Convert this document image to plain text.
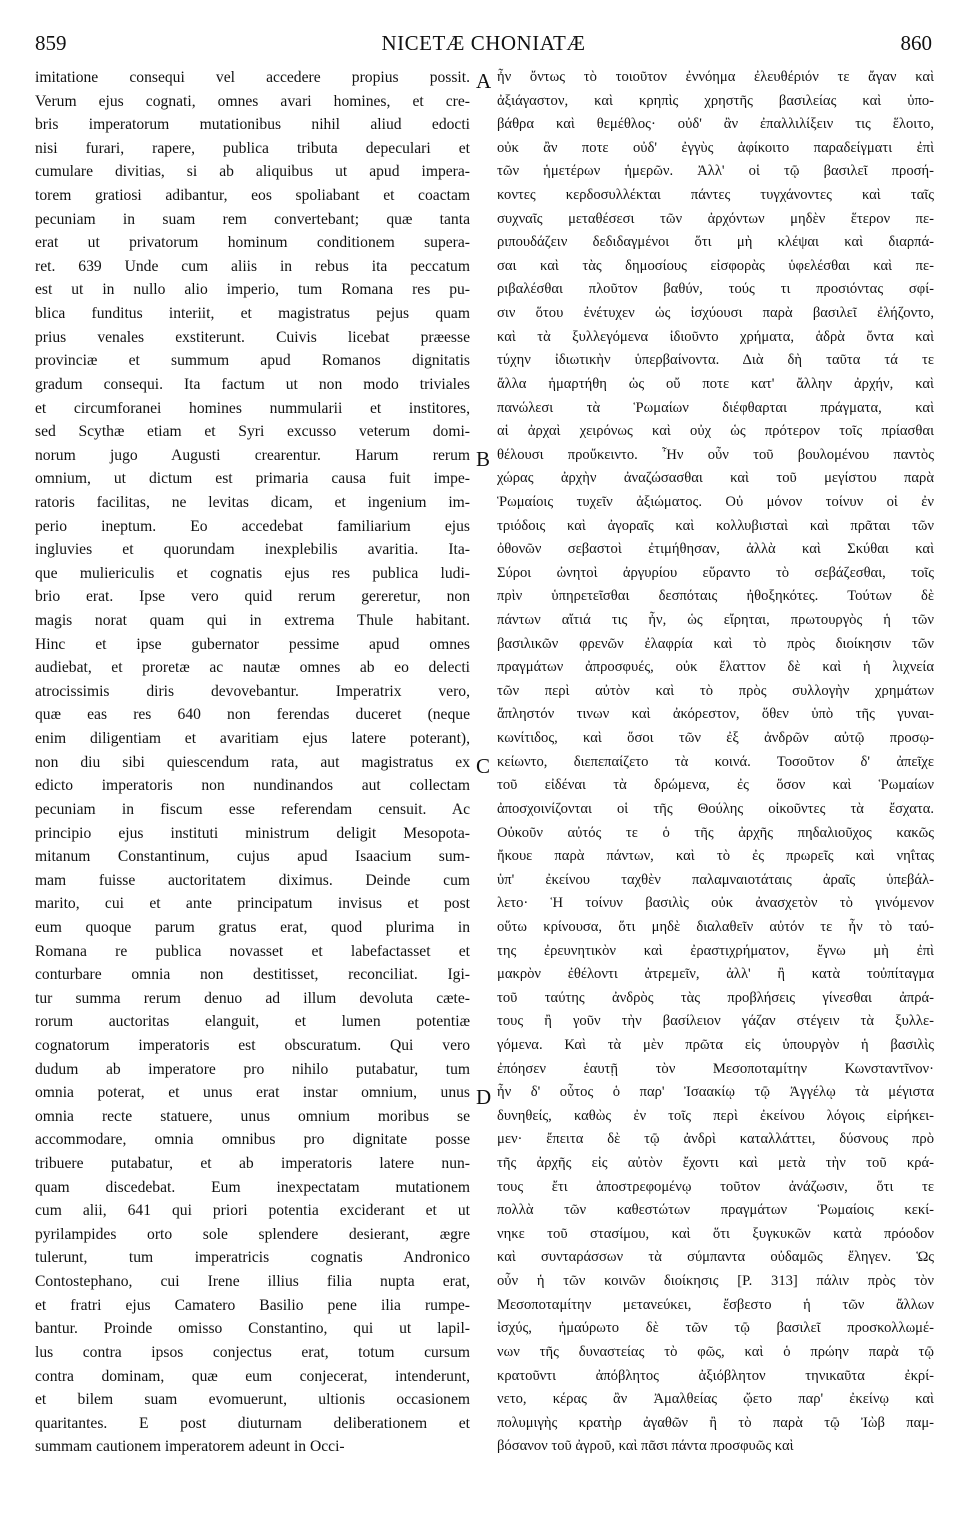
859	NICETÆ CHONIATÆ	860
imitatione consequi vel accedere propius possit.
Verum ejus cognati, omnes avari homines, et cre-
bris imperatorum mutationibus nihil aliud edocti
nisi furari, rapere, publica tributa depeculari et
cumulare divitias, si ab aliquibus ut apud impera-
torem gratiosi adibantur, eos spoliabant et coactam
pecuniam in suam rem convertebant; quæ tanta
erat ut privatorum hominum conditionem supera-
ret. 639 Unde cum aliis in rebus ita peccatum
est ut in nullo alio imperio, tum Romana res pu-
blica funditus interiit, et magistratus pejus quam
prius venales exstiterunt. Cuivis licebat præesse
provinciæ et summum apud Romanos dignitatis
gradum consequi. Ita factum ut non modo triviales
et circumforanei homines nummularii et institores,
sed Scythæ etiam et Syri excusso veterum domi-
norum jugo Augusti crearentur. Harum rerum
omnium, ut dictum est primaria causa fuit impe-
ratoris facilitas, ne levitas dicam, et ingenium im-
perio ineptum. Eo accedebat familiarium ejus
ingluvies et quorundam inexplebilis avaritia. Ita-
que muliericulis et cognatis ejus res publica ludi-
brio erat. Ipse vero quid rerum gereretur, non
magis norat quam qui in extrema Thule habitant.
Hinc et ipse gubernator pessime apud omnes
audiebat, et proretæ ac nautæ omnes ab eo delecti
atrocissimis diris devovebantur. Imperatrix vero,
quæ eas res 640 non ferendas duceret (neque
enim diligentiam et avaritiam ejus latere poterant),
non diu sibi quiescendum rata, aut magistratus ex
edicto imperatoris non nundinandos aut collectam
pecuniam in fiscum esse referendam censuit. Ac
principio ejus instituti ministrum deligit Mesopota-
mitanum Constantinum, cujus apud Isaacium sum-
mam fuisse auctoritatem diximus. Deinde cum
marito, cui et ante principatum invisus et post
eum quoque parum gratus erat, quod plurima in
Romana re publica novasset et labefactasset et
conturbare omnia non destitisset, reconciliat. Igi-
tur summa rerum denuo ad illum devoluta cæte-
rorum auctoritas elanguit, et lumen potentiæ
cognatorum imperatoris est obscuratum. Qui vero
dudum ab imperatore pro nihilo putabatur, tum
omnia poterat, et unus erat instar omnium, unus
omnia recte statuere, unus omnium moribus se
accommodare, omnia omnibus pro dignitate posse
tribuere putabatur, et ab imperatoris latere nun-
quam discedebat. Eum inexpectatam mutationem
cum alii, 641 qui priori potentia exciderant et ut
pyrilampides orto sole splendere desierant, ægre
tulerunt, tum imperatricis cognatis Andronico
Contostephano, cui Irene illius filia nupta erat,
et fratri ejus Camatero Basilio pene ilia rumpe-
bantur. Proinde omisso Constantino, qui ut lapil-
lus contra ipsos conjectus erat, totum cursum
contra dominam, quæ eum conjecerat, intenderunt,
et bilem suam evomuerunt, ultionis occasionem
quaritantes. E post diuturnam deliberationem et
summam cautionem imperatorem adeunt in Occi-
A
B
C
D
ἦν ὄντως τὸ τοιοῦτον ἐννόημα ἐλευθέριόν τε ἄγαν καὶ
ἀξιάγαστον, καὶ κρηπὶς χρηστῆς βασιλείας καὶ ὑπο-
βάθρα καὶ θεμέθλος· οὐδ' ἂν ἐπαλλιλίξειν τις ἕλοιτο,
οὐκ ἂν ποτε οὐδ' ἐγγὺς ἀφίκοιτο παραδείγματι ἐπὶ
τῶν ἡμετέρων ἡμερῶν. Ἀλλ' οἱ τῷ βασιλεῖ προσή-
κοντες κερδοσυλλέκται πάντες τυγχάνοντες καὶ ταῖς
συχναῖς μεταθέσεσι τῶν ἀρχόντων μηδὲν ἕτερον πε-
ριπουδάζειν δεδιδαγμένοι ὅτι μὴ κλέψαι καὶ διαρπά-
σαι καὶ τὰς δημοσίους εἰσφορὰς ὑφελέσθαι καὶ πε-
ριβαλέσθαι πλοῦτον βαθύν, τούς τι προσιόντας σφί-
σιν ὅτου ἐνέτυχεν ὡς ἰσχύουσι παρὰ βασιλεῖ ἐλήζοντο,
καὶ τὰ ξυλλεγόμενα ἰδιοῦντο χρήματα, ἁδρὰ ὄντα καὶ
τύχην ἰδιωτικὴν ὑπερβαίνοντα. Διὰ δὴ ταῦτα τά τε
ἄλλα ἡμαρτήθη ὡς οὔ ποτε κατ' ἄλλην ἀρχήν, καὶ
πανώλεσι τὰ Ῥωμαίων διέφθαρται πράγματα, καὶ
αἱ ἀρχαὶ χειρόνως καὶ οὐχ ὡς πρότερον τοῖς πρίασθαι
θέλουσι προὔκειντο. Ἦν οὖν τοῦ βουλομένου παντὸς
χώρας ἀρχὴν ἀναζώσασθαι καὶ τοῦ μεγίστου παρὰ
Ῥωμαίοις τυχεῖν ἀξιώματος. Οὐ μόνον τοίνυν οἱ ἐν
τριόδοις καὶ ἀγοραῖς καὶ κολλυβισταὶ καὶ πρᾶται τῶν
ὀθονῶν σεβαστοὶ ἐτιμήθησαν, ἀλλὰ καὶ Σκύθαι καὶ
Σύροι ὠνητοὶ ἀργυρίου εὕραντο τὸ σεβάζεσθαι, τοῖς
πρὶν ὑπηρετεῖσθαι δεσπόταις ἠθοξηκότες. Τούτων δὲ
πάντων αἴτιά τις ἦν, ὡς εἴρηται, πρωτουργὸς ἡ τῶν
βασιλικῶν φρενῶν ἐλαφρία καὶ τὸ πρὸς διοίκησιν τῶν
πραγμάτων ἀπροσφυές, οὐκ ἔλαττον δὲ καὶ ἡ λιχνεία
τῶν περὶ αὐτὸν καὶ τὸ πρὸς συλλογὴν χρημάτων
ἄπληστόν τινων καὶ ἀκόρεστον, ὅθεν ὑπὸ τῆς γυναι-
κωνίτιδος, καὶ ὅσοι τῶν ἐξ ἀνδρῶν αὐτῷ προσῳ-
κείωντο, διεπεπαίζετο τὰ κοινά. Τοσοῦτον δ' ἀπεῖχε
τοῦ εἰδέναι τὰ δρώμενα, ἐς ὅσον καὶ Ῥωμαίων
ἀποσχοινίζονται οἱ τῆς Θούλης οἰκοῦντες τὰ ἔσχατα.
Οὐκοῦν αὐτός τε ὁ τῆς ἀρχῆς πηδαλιοῦχος κακῶς
ἤκουε παρὰ πάντων, καὶ τὸ ἐς πρωρεῖς καὶ νηΐτας
ὑπ' ἐκείνου ταχθὲν παλαμναιοτάταις ἀραῖς ὑπεβάλ-
λετο· Ἡ τοίνυν βασιλὶς οὐκ ἀνασχετὸν τὸ γινόμενον
οὕτω κρίνουσα, ὅτι μηδὲ διαλαθεῖν αὐτόν τε ἦν τὸ ταύ-
της ἐρευνητικὸν καὶ ἐραστιχρήματον, ἔγνω μὴ ἐπὶ
μακρὸν ἐθέλοντι ἀτρεμεῖν, ἀλλ' ἢ κατὰ τοὐπίταγμα
τοῦ ταύτης ἀνδρὸς τὰς προβλήσεις γίνεσθαι ἀπρά-
τους ἢ γοῦν τὴν βασίλειον γάζαν στέγειν τὰ ξυλλε-
γόμενα. Καὶ τὰ μὲν πρῶτα εἰς ὑπουργὸν ἡ βασιλὶς
ἐπόησεν ἑαυτῇ τὸν Μεσοποταμίτην Κωνσταντῖνον·
ἦν δ' οὗτος ὁ παρ' Ἰσαακίῳ τῷ Ἀγγέλῳ τὰ μέγιστα
δυνηθείς, καθὼς ἐν τοῖς περὶ ἐκείνου λόγοις εἰρήκει-
μεν· ἔπειτα δὲ τῷ ἀνδρὶ καταλλάττει, δύσνους πρὸ
τῆς ἀρχῆς εἰς αὐτὸν ἔχοντι καὶ μετὰ τὴν τοῦ κρά-
τους ἔτι ἀποστρεφομένῳ τοῦτον ἀνάζωσιν, ὅτι τε
πολλὰ τῶν καθεστώτων πραγμάτων Ῥωμαίοις κεκί-
νηκε τοῦ στασίμου, καὶ ὅτι ξυγκυκῶν κατὰ πρόοδον
καὶ συνταράσσων τὰ σύμπαντα οὐδαμῶς ἔληγεν. Ὡς
οὖν ἡ τῶν κοινῶν διοίκησις [P. 313] πάλιν πρὸς τὸν
Μεσοποταμίτην μετανεύκει, ἔσβεστο ἡ τῶν ἄλλων
ἰσχύς, ἠμαύρωτο δὲ τῶν τῷ βασιλεῖ προσκολλωμέ-
νων τῆς δυναστείας τὸ φῶς, καὶ ὁ πρώην παρὰ τῷ
κρατοῦντι ἀπόβλητος ἀξιόβλητον τηνικαῦτα ἐκρί-
νετο, κέρας ἂν Ἀμαλθείας ᾤετο παρ' ἐκείνῳ καὶ
πολυμιγὴς κρατὴρ ἀγαθῶν ἢ τὸ παρὰ τῷ Ἰὼβ παμ-
βόσανον τοῦ ἀγροῦ, καὶ πᾶσι πάντα προσφυῶς καὶ
